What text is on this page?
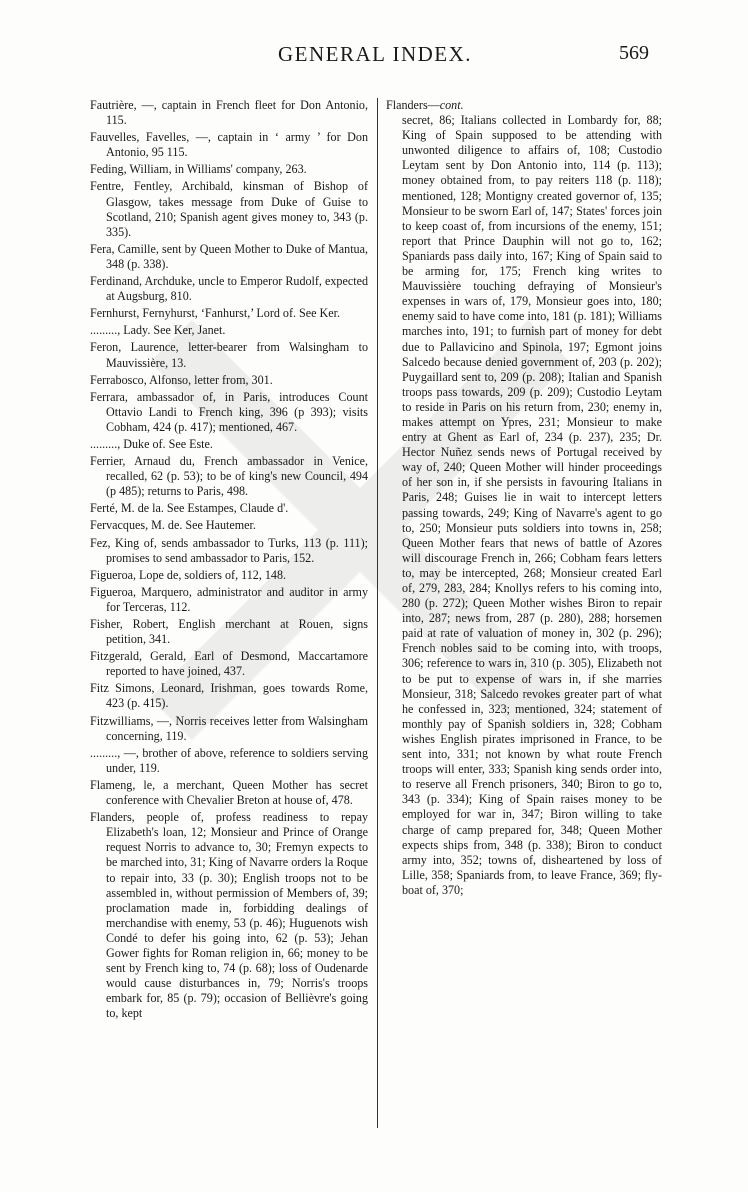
GENERAL INDEX.	569

Fautrière, —, captain in French fleet for Don Antonio, 115.

Fauvelles, Favelles, —, captain in ‘ army ’ for Don Antonio, 95 115.

Feding, William, in Williams' company, 263.

Fentre, Fentley, Archibald, kinsman of Bishop of Glasgow, takes message from Duke of Guise to Scotland, 210; Spanish agent gives money to, 343 (p. 335).

Fera, Camille, sent by Queen Mother to Duke of Mantua, 348 (p. 338).

Ferdinand, Archduke, uncle to Emperor Rudolf, expected at Augsburg, 810.

Fernhurst, Fernyhurst, ‘Fanhurst,’ Lord of. See Ker.

........., Lady. See Ker, Janet.

Feron, Laurence, letter-bearer from Walsingham to Mauvissière, 13.

Ferrabosco, Alfonso, letter from, 301.

Ferrara, ambassador of, in Paris, introduces Count Ottavio Landi to French king, 396 (p 393); visits Cobham, 424 (p. 417); mentioned, 467.

........., Duke of. See Este.

Ferrier, Arnaud du, French ambassador in Venice, recalled, 62 (p. 53); to be of king's new Council, 494 (p 485); returns to Paris, 498.

Ferté, M. de la. See Estampes, Claude d'.

Fervacques, M. de. See Hautemer.

Fez, King of, sends ambassador to Turks, 113 (p. 111); promises to send ambassador to Paris, 152.

Figueroa, Lope de, soldiers of, 112, 148.

Figueroa, Marquero, administrator and auditor in army for Terceras, 112.

Fisher, Robert, English merchant at Rouen, signs petition, 341.

Fitzgerald, Gerald, Earl of Desmond, Maccartamore reported to have joined, 437.

Fitz Simons, Leonard, Irishman, goes towards Rome, 423 (p. 415).

Fitzwilliams, —, Norris receives letter from Walsingham concerning, 119.

........., —, brother of above, reference to soldiers serving under, 119.

Flameng, le, a merchant, Queen Mother has secret conference with Chevalier Breton at house of, 478.

Flanders, people of, profess readiness to repay Elizabeth's loan, 12; Monsieur and Prince of Orange request Norris to advance to, 30; Fremyn expects to be marched into, 31; King of Navarre orders la Roque to repair into, 33 (p. 30); English troops not to be assembled in, without permission of Members of, 39; proclamation made in, forbidding dealings of merchandise with enemy, 53 (p. 46); Huguenots wish Condé to defer his going into, 62 (p. 53); Jehan Gower fights for Roman religion in, 66; money to be sent by French king to, 74 (p. 68); loss of Oudenarde would cause disturbances in, 79; Norris's troops embark for, 85 (p. 79); occasion of Bellièvre's going to, kept

Flanders—cont.

secret, 86; Italians collected in Lombardy for, 88; King of Spain supposed to be attending with unwonted diligence to affairs of, 108; Custodio Leytam sent by Don Antonio into, 114 (p. 113); money obtained from, to pay reiters 118 (p. 118); mentioned, 128; Montigny created governor of, 135; Monsieur to be sworn Earl of, 147; States' forces join to keep coast of, from incursions of the enemy, 151; report that Prince Dauphin will not go to, 162; Spaniards pass daily into, 167; King of Spain said to be arming for, 175; French king writes to Mauvissière touching defraying of Monsieur's expenses in wars of, 179, Monsieur goes into, 180; enemy said to have come into, 181 (p. 181); Williams marches into, 191; to furnish part of money for debt due to Pallavicino and Spinola, 197; Egmont joins Salcedo because denied government of, 203 (p. 202); Puygaillard sent to, 209 (p. 208); Italian and Spanish troops pass towards, 209 (p. 209); Custodio Leytam to reside in Paris on his return from, 230; enemy in, makes attempt on Ypres, 231; Monsieur to make entry at Ghent as Earl of, 234 (p. 237), 235; Dr. Hector Nuñez sends news of Portugal received by way of, 240; Queen Mother will hinder proceedings of her son in, if she persists in favouring Italians in Paris, 248; Guises lie in wait to intercept letters passing towards, 249; King of Navarre's agent to go to, 250; Monsieur puts soldiers into towns in, 258; Queen Mother fears that news of battle of Azores will discourage French in, 266; Cobham fears letters to, may be intercepted, 268; Monsieur created Earl of, 279, 283, 284; Knollys refers to his coming into, 280 (p. 272); Queen Mother wishes Biron to repair into, 287; news from, 287 (p. 280), 288; horsemen paid at rate of valuation of money in, 302 (p. 296); French nobles said to be coming into, with troops, 306; reference to wars in, 310 (p. 305), Elizabeth not to be put to expense of wars in, if she marries Monsieur, 318; Salcedo revokes greater part of what he confessed in, 323; mentioned, 324; statement of monthly pay of Spanish soldiers in, 328; Cobham wishes English pirates imprisoned in France, to be sent into, 331; not known by what route French troops will enter, 333; Spanish king sends order into, to reserve all French prisoners, 340; Biron to go to, 343 (p. 334); King of Spain raises money to be employed for war in, 347; Biron willing to take charge of camp prepared for, 348; Queen Mother expects ships from, 348 (p. 338); Biron to conduct army into, 352; towns of, disheartened by loss of Lille, 358; Spaniards from, to leave France, 369; fly-boat of, 370;
